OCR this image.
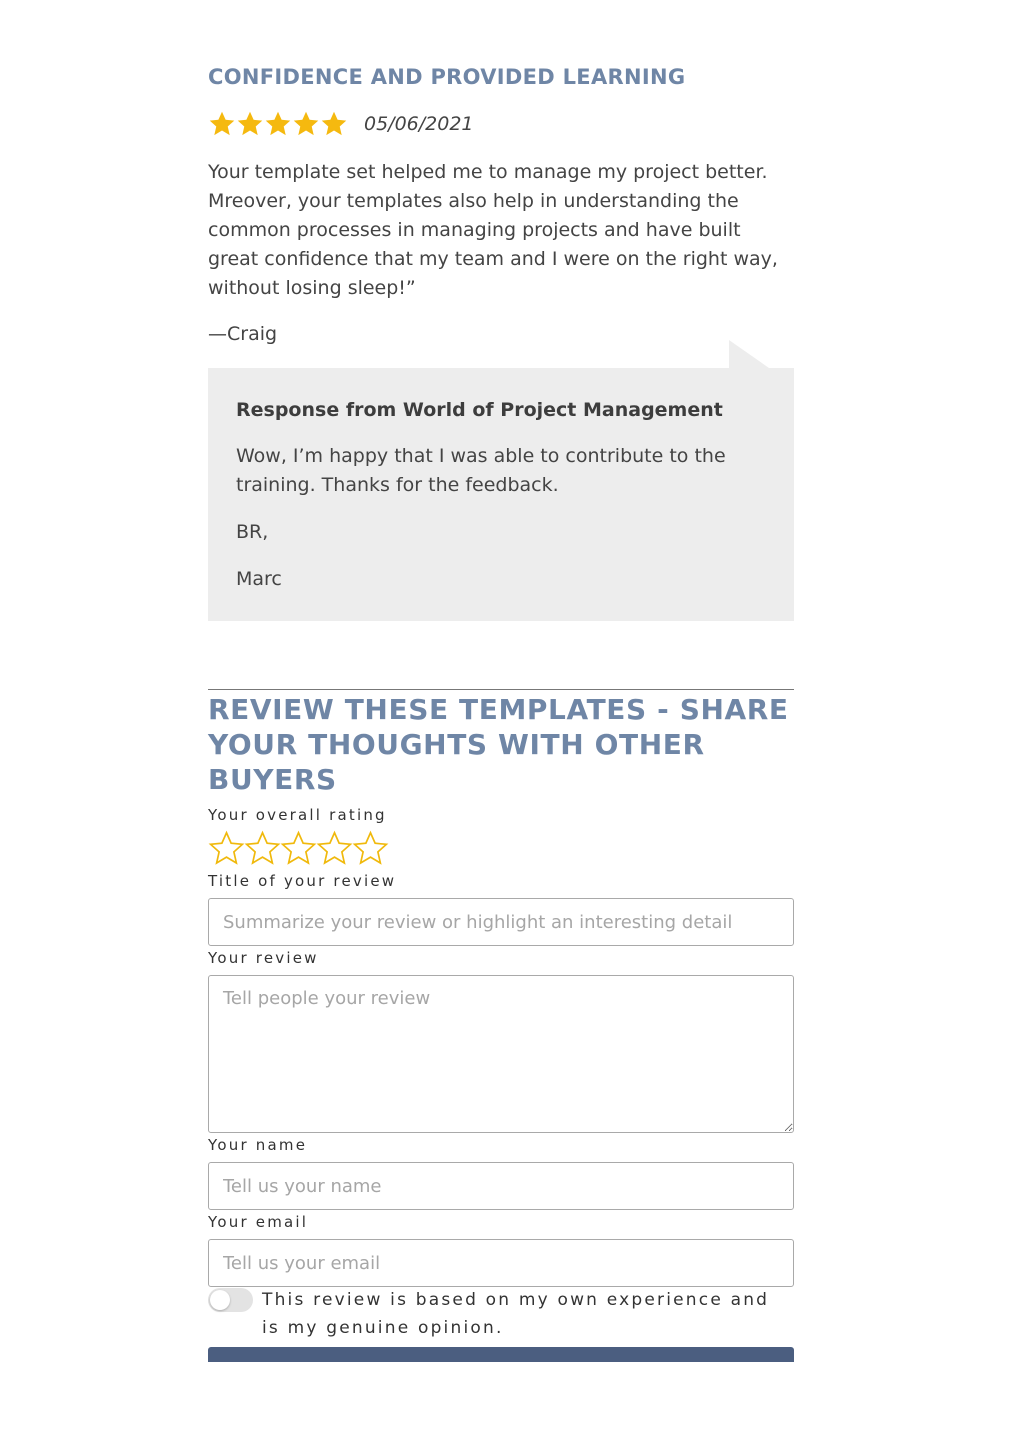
CONFIDENCE AND PROVIDED LEARNING
05/06/2021

Your template set helped me to manage my project better. Mreover, your templates also help in understanding the common processes in managing projects and have built great confidence that my team and I were on the right way, without losing sleep!”

—Craig

Response from World of Project Management

Wow, I’m happy that I was able to contribute to the training. Thanks for the feedback.

BR,

Marc

REVIEW THESE TEMPLATES - SHARE YOUR THOUGHTS WITH OTHER BUYERS

Your overall rating

Title of your review

Summarize your review or highlight an interesting detail

Your review

Tell people your review

Your name

Tell us your name

Your email

Tell us your email

This review is based on my own experience and is my genuine opinion.
